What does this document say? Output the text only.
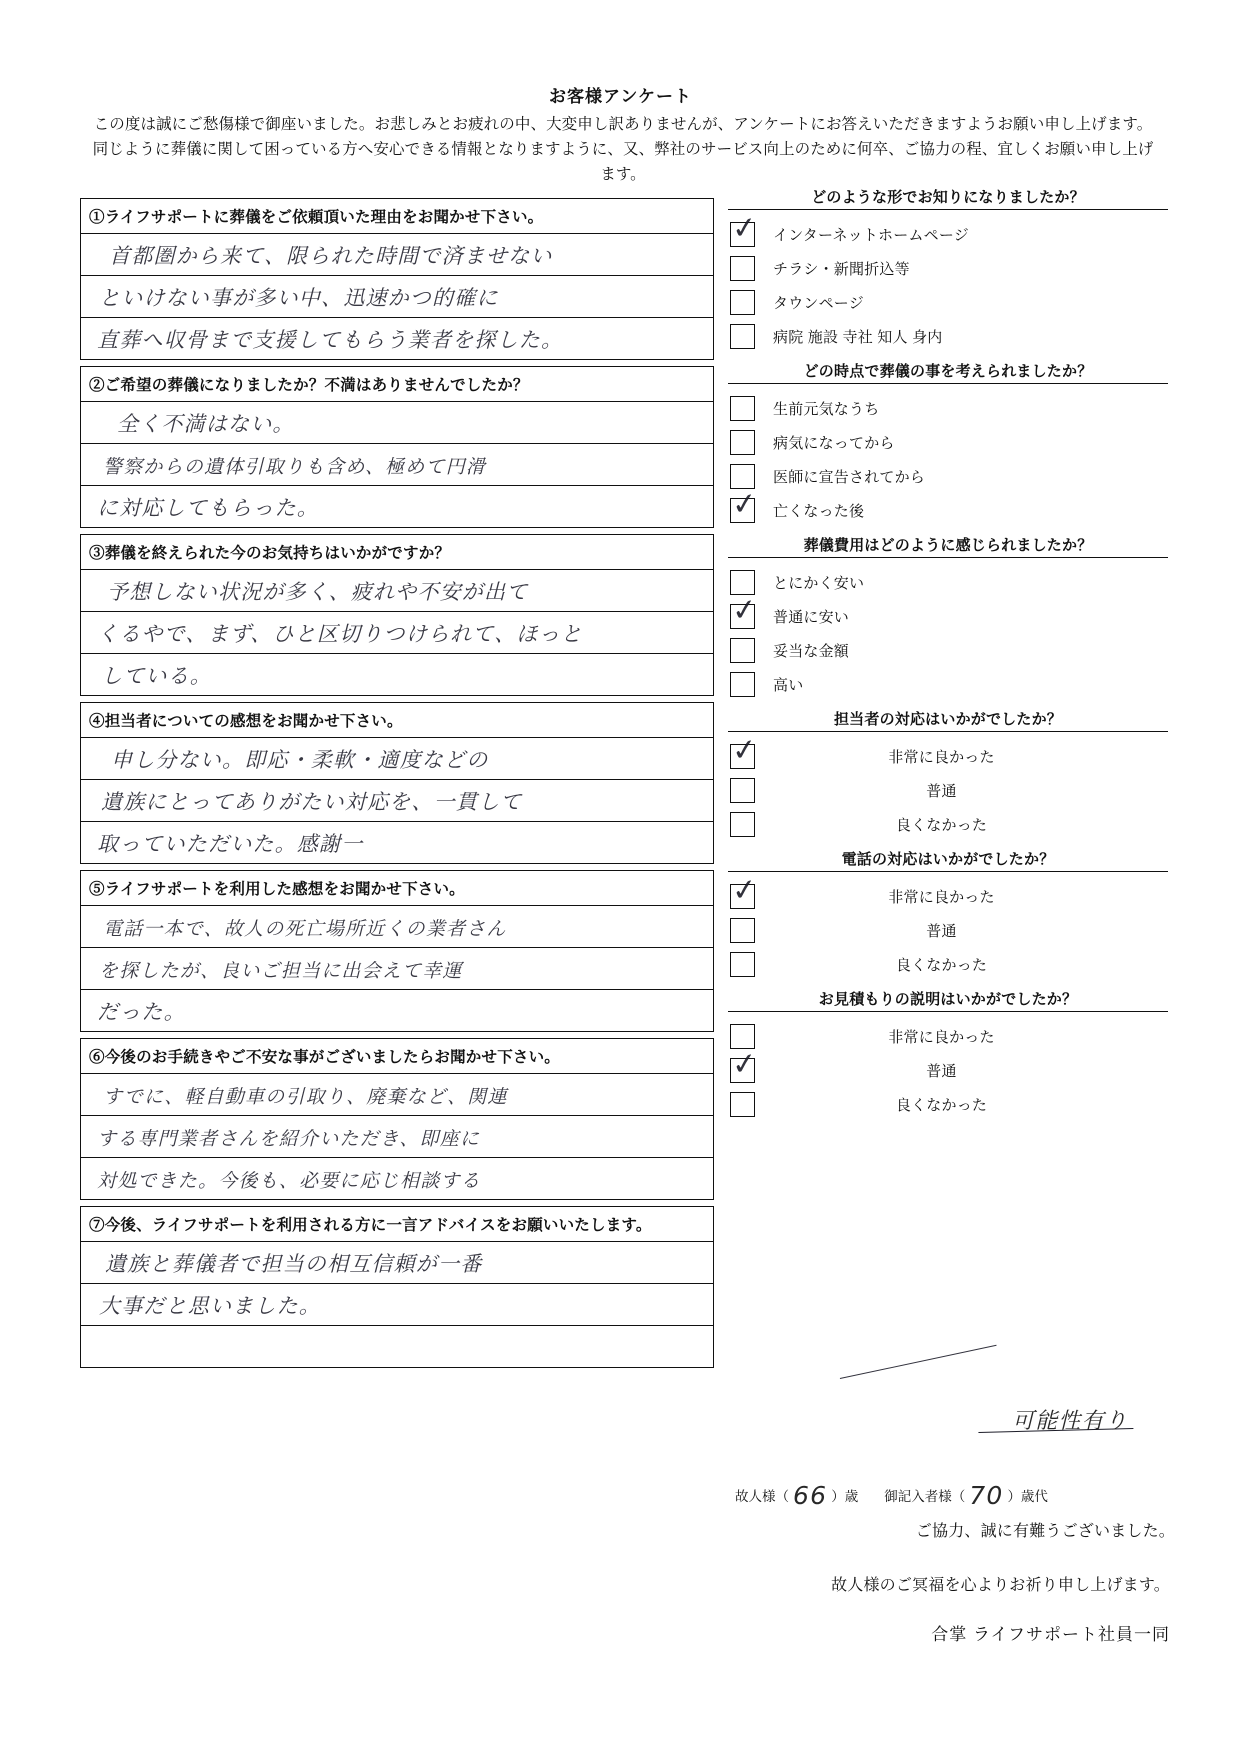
お客様アンケート
この度は誠にご愁傷様で御座いました。お悲しみとお疲れの中、大変申し訳ありませんが、アンケートにお答えいただきますようお願い申し上げます。同じように葬儀に関して困っている方へ安心できる情報となりますように、又、弊社のサービス向上のために何卒、ご協力の程、宜しくお願い申し上げます。
①ライフサポートに葬儀をご依頼頂いた理由をお聞かせ下さい。
首都圏から来て、限られた時間で済ませない
といけない事が多い中、迅速かつ的確に
直葬へ収骨まで支援してもらう業者を探した。
②ご希望の葬儀になりましたか？不満はありませんでしたか？
全く不満はない。
警察からの遺体引取りも含め、極めて円滑
に対応してもらった。
③葬儀を終えられた今のお気持ちはいかがですか？
予想しない状況が多く、疲れや不安が出て
くるやで、まず、ひと区切りつけられて、ほっと
している。
④担当者についての感想をお聞かせ下さい。
申し分ない。即応・柔軟・適度などの
遺族にとってありがたい対応を、一貫して
取っていただいた。感謝一
⑤ライフサポートを利用した感想をお聞かせ下さい。
電話一本で、故人の死亡場所近くの業者さん
を探したが、良いご担当に出会えて幸運
だった。
⑥今後のお手続きやご不安な事がございましたらお聞かせ下さい。
すでに、軽自動車の引取り、廃棄など、関連
する専門業者さんを紹介いただき、即座に
対処できた。今後も、必要に応じ相談する
⑦今後、ライフサポートを利用される方に一言アドバイスをお願いいたします。
遺族と葬儀者で担当の相互信頼が一番
大事だと思いました。
どのような形でお知りになりましたか？
✓ インターネットホームページ
チラシ・新聞折込等
タウンページ
病院 施設 寺社 知人 身内
どの時点で葬儀の事を考えられましたか？
生前元気なうち
病気になってから
医師に宣告されてから
✓ 亡くなった後
葬儀費用はどのように感じられましたか？
とにかく安い
✓ 普通に安い
妥当な金額
高い
担当者の対応はいかがでしたか？
✓	非常に良かった
普通
良くなかった
電話の対応はいかがでしたか？
✓	非常に良かった
普通
良くなかった
お見積もりの説明はいかがでしたか？
非常に良かった
✓	普通
良くなかった
可能性有り
故人様（ 66 ）歳 御記入者様（ 70 ）歳代
ご協力、誠に有難うございました。
故人様のご冥福を心よりお祈り申し上げます。
合掌 ライフサポート社員一同
